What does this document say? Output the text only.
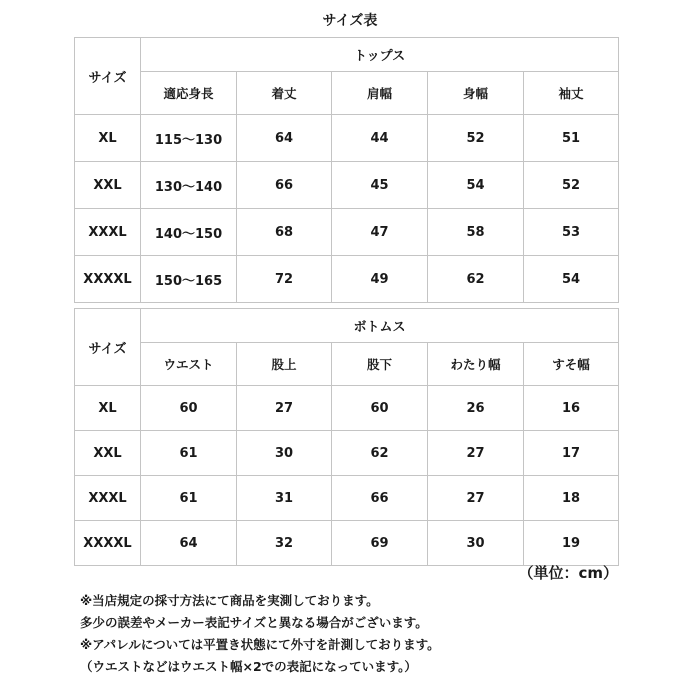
サイズ表
サイズ	トップス				
	適応身長	着丈	肩幅	身幅	袖丈
XL	115～130	64	44	52	51
XXL	130～140	66	45	54	52
XXXL	140～150	68	47	58	53
XXXXL	150～165	72	49	62	54
サイズ	ボトムス				
	ウエスト	股上	股下	わたり幅	すそ幅
XL	60	27	60	26	16
XXL	61	30	62	27	17
XXXL	61	31	66	27	18
XXXXL	64	32	69	30	19
（単位：cm）
※当店規定の採寸方法にて商品を実測しております。
多少の誤差やメーカー表記サイズと異なる場合がございます。
※アパレルについては平置き状態にて外寸を計測しております。
（ウエストなどはウエスト幅×2での表記になっています。）
